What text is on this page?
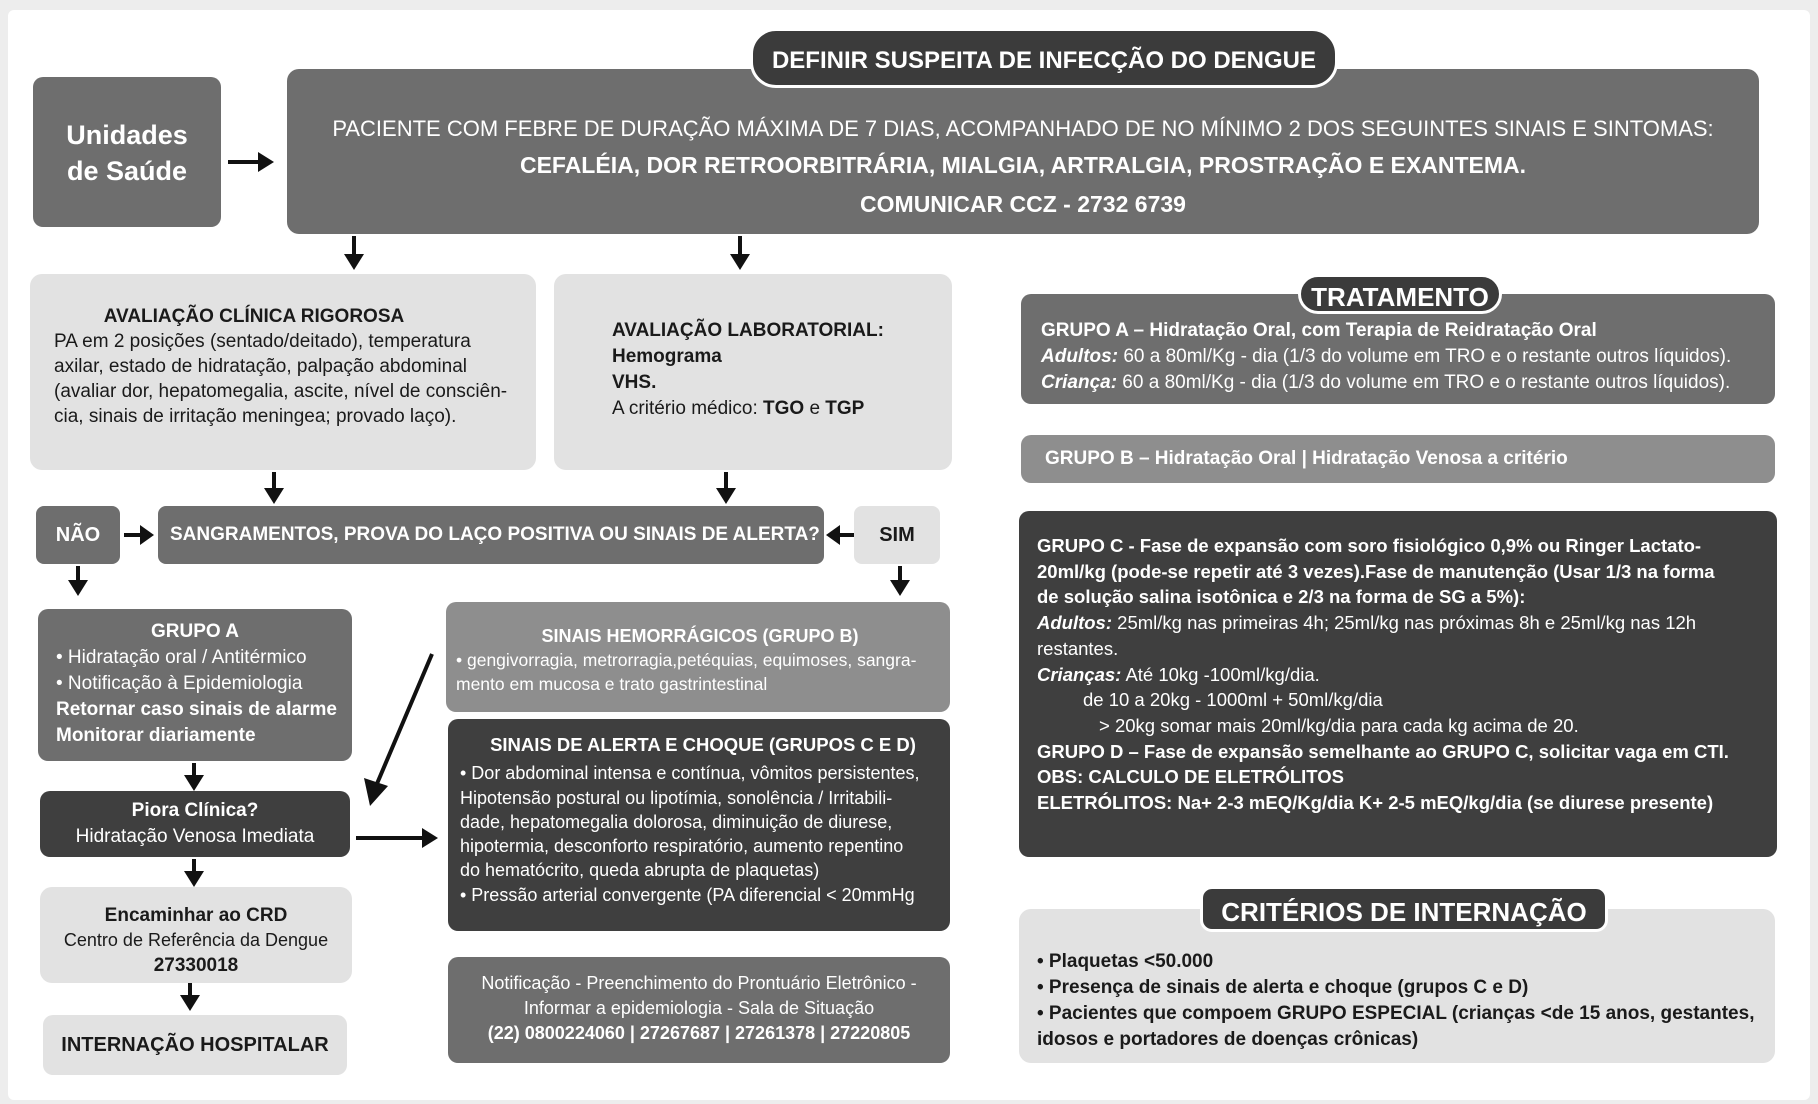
Unidades
de Saúde
PACIENTE COM FEBRE DE DURAÇÃO MÁXIMA DE 7 DIAS, ACOMPANHADO DE NO MÍNIMO 2 DOS SEGUINTES SINAIS E SINTOMAS:
CEFALÉIA, DOR RETROORBITRÁRIA, MIALGIA, ARTRALGIA, PROSTRAÇÃO E EXANTEMA.
COMUNICAR CCZ - 2732 6739
DEFINIR SUSPEITA DE INFECÇÃO DO DENGUE
AVALIAÇÃO CLÍNICA RIGOROSA
PA em 2 posições (sentado/deitado), temperatura
axilar, estado de hidratação, palpação abdominal
(avaliar dor, hepatomegalia, ascite, nível de consciên-
cia, sinais de irritação meningea; provado laço).
AVALIAÇÃO LABORATORIAL:
Hemograma
VHS.
A critério médico: TGO e TGP
NÃO	SANGRAMENTOS, PROVA DO LAÇO POSITIVA OU SINAIS DE ALERTA?	SIM
GRUPO A
• Hidratação oral / Antitérmico
• Notificação à Epidemiologia
Retornar caso sinais de alarme
Monitorar diariamente
Piora Clínica?
Hidratação Venosa Imediata
Encaminhar ao CRD
Centro de Referência da Dengue
27330018
INTERNAÇÃO HOSPITALAR
SINAIS HEMORRÁGICOS (GRUPO B)
• gengivorragia, metrorragia,petéquias, equimoses, sangra-
mento em mucosa e trato gastrintestinal
SINAIS DE ALERTA E CHOQUE (GRUPOS C E D)
• Dor abdominal intensa e contínua, vômitos persistentes,
Hipotensão postural ou lipotímia, sonolência / Irritabili-
dade, hepatomegalia dolorosa, diminuição de diurese,
hipotermia, desconforto respiratório, aumento repentino
do hematócrito, queda abrupta de plaquetas)
• Pressão arterial convergente (PA diferencial < 20mmHg
Notificação - Preenchimento do Prontuário Eletrônico -
Informar a epidemiologia - Sala de Situação
(22) 0800224060 | 27267687 | 27261378 | 27220805
GRUPO A – Hidratação Oral, com Terapia de Reidratação Oral
Adultos: 60 a 80ml/Kg - dia (1/3 do volume em TRO e o restante outros líquidos).
Criança: 60 a 80ml/Kg - dia (1/3 do volume em TRO e o restante outros líquidos).
TRATAMENTO
GRUPO B – Hidratação Oral | Hidratação Venosa a critério
GRUPO C - Fase de expansão com soro fisiológico 0,9% ou Ringer Lactato-
20ml/kg (pode-se repetir até 3 vezes).Fase de manutenção (Usar 1/3 na forma
de solução salina isotônica e 2/3 na forma de SG a 5%):
Adultos: 25ml/kg nas primeiras 4h; 25ml/kg nas próximas 8h e 25ml/kg nas 12h
restantes.
Crianças: Até 10kg -100ml/kg/dia.
de 10 a 20kg - 1000ml + 50ml/kg/dia
> 20kg somar mais 20ml/kg/dia para cada kg acima de 20.
GRUPO D – Fase de expansão semelhante ao GRUPO C, solicitar vaga em CTI.
OBS: CALCULO DE ELETRÓLITOS
ELETRÓLITOS: Na+ 2-3 mEQ/Kg/dia K+ 2-5 mEQ/kg/dia (se diurese presente)
• Plaquetas <50.000
• Presença de sinais de alerta e choque (grupos C e D)
• Pacientes que compoem GRUPO ESPECIAL (crianças <de 15 anos, gestantes,
idosos e portadores de doenças crônicas)
CRITÉRIOS DE INTERNAÇÃO
